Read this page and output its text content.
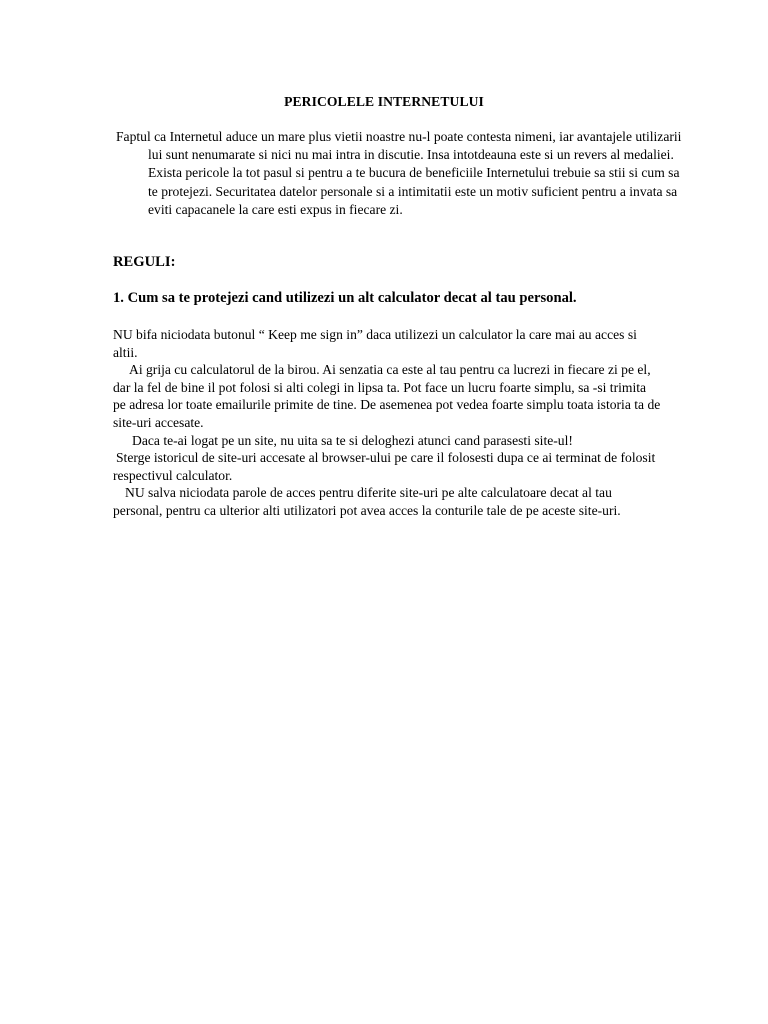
PERICOLELE INTERNETULUI
Faptul ca Internetul aduce un mare plus vietii noastre nu-l poate contesta nimeni, iar avantajele utilizarii lui sunt nenumarate si nici nu mai intra in discutie. Insa intotdeauna este si un revers al medaliei. Exista pericole la tot pasul si pentru a te bucura de beneficiile Internetului trebuie sa stii si cum sa te protejezi. Securitatea datelor personale si a intimitatii este un motiv suficient pentru a invata sa eviti capacanele la care esti expus in fiecare zi.
REGULI:
1. Cum sa te protejezi cand utilizezi un alt calculator decat al tau personal.

NU bifa niciodata butonul “ Keep me sign in” daca utilizezi un calculator la care mai au acces si altii.

Ai grija cu calculatorul de la birou. Ai senzatia ca este al tau pentru ca lucrezi in fiecare zi pe el, dar la fel de bine il pot folosi si alti colegi in lipsa ta. Pot face un lucru foarte simplu, sa -si trimita pe adresa lor toate emailurile primite de tine. De asemenea pot vedea foarte simplu toata istoria ta de site-uri accesate.

Daca te-ai logat pe un site, nu uita sa te si deloghezi atunci cand parasesti site-ul!

Sterge istoricul de site-uri accesate al browser-ului pe care il folosesti dupa ce ai terminat de folosit respectivul calculator.

NU salva niciodata parole de acces pentru diferite site-uri pe alte calculatoare decat al tau personal, pentru ca ulterior alti utilizatori pot avea acces la conturile tale de pe aceste site-uri.
